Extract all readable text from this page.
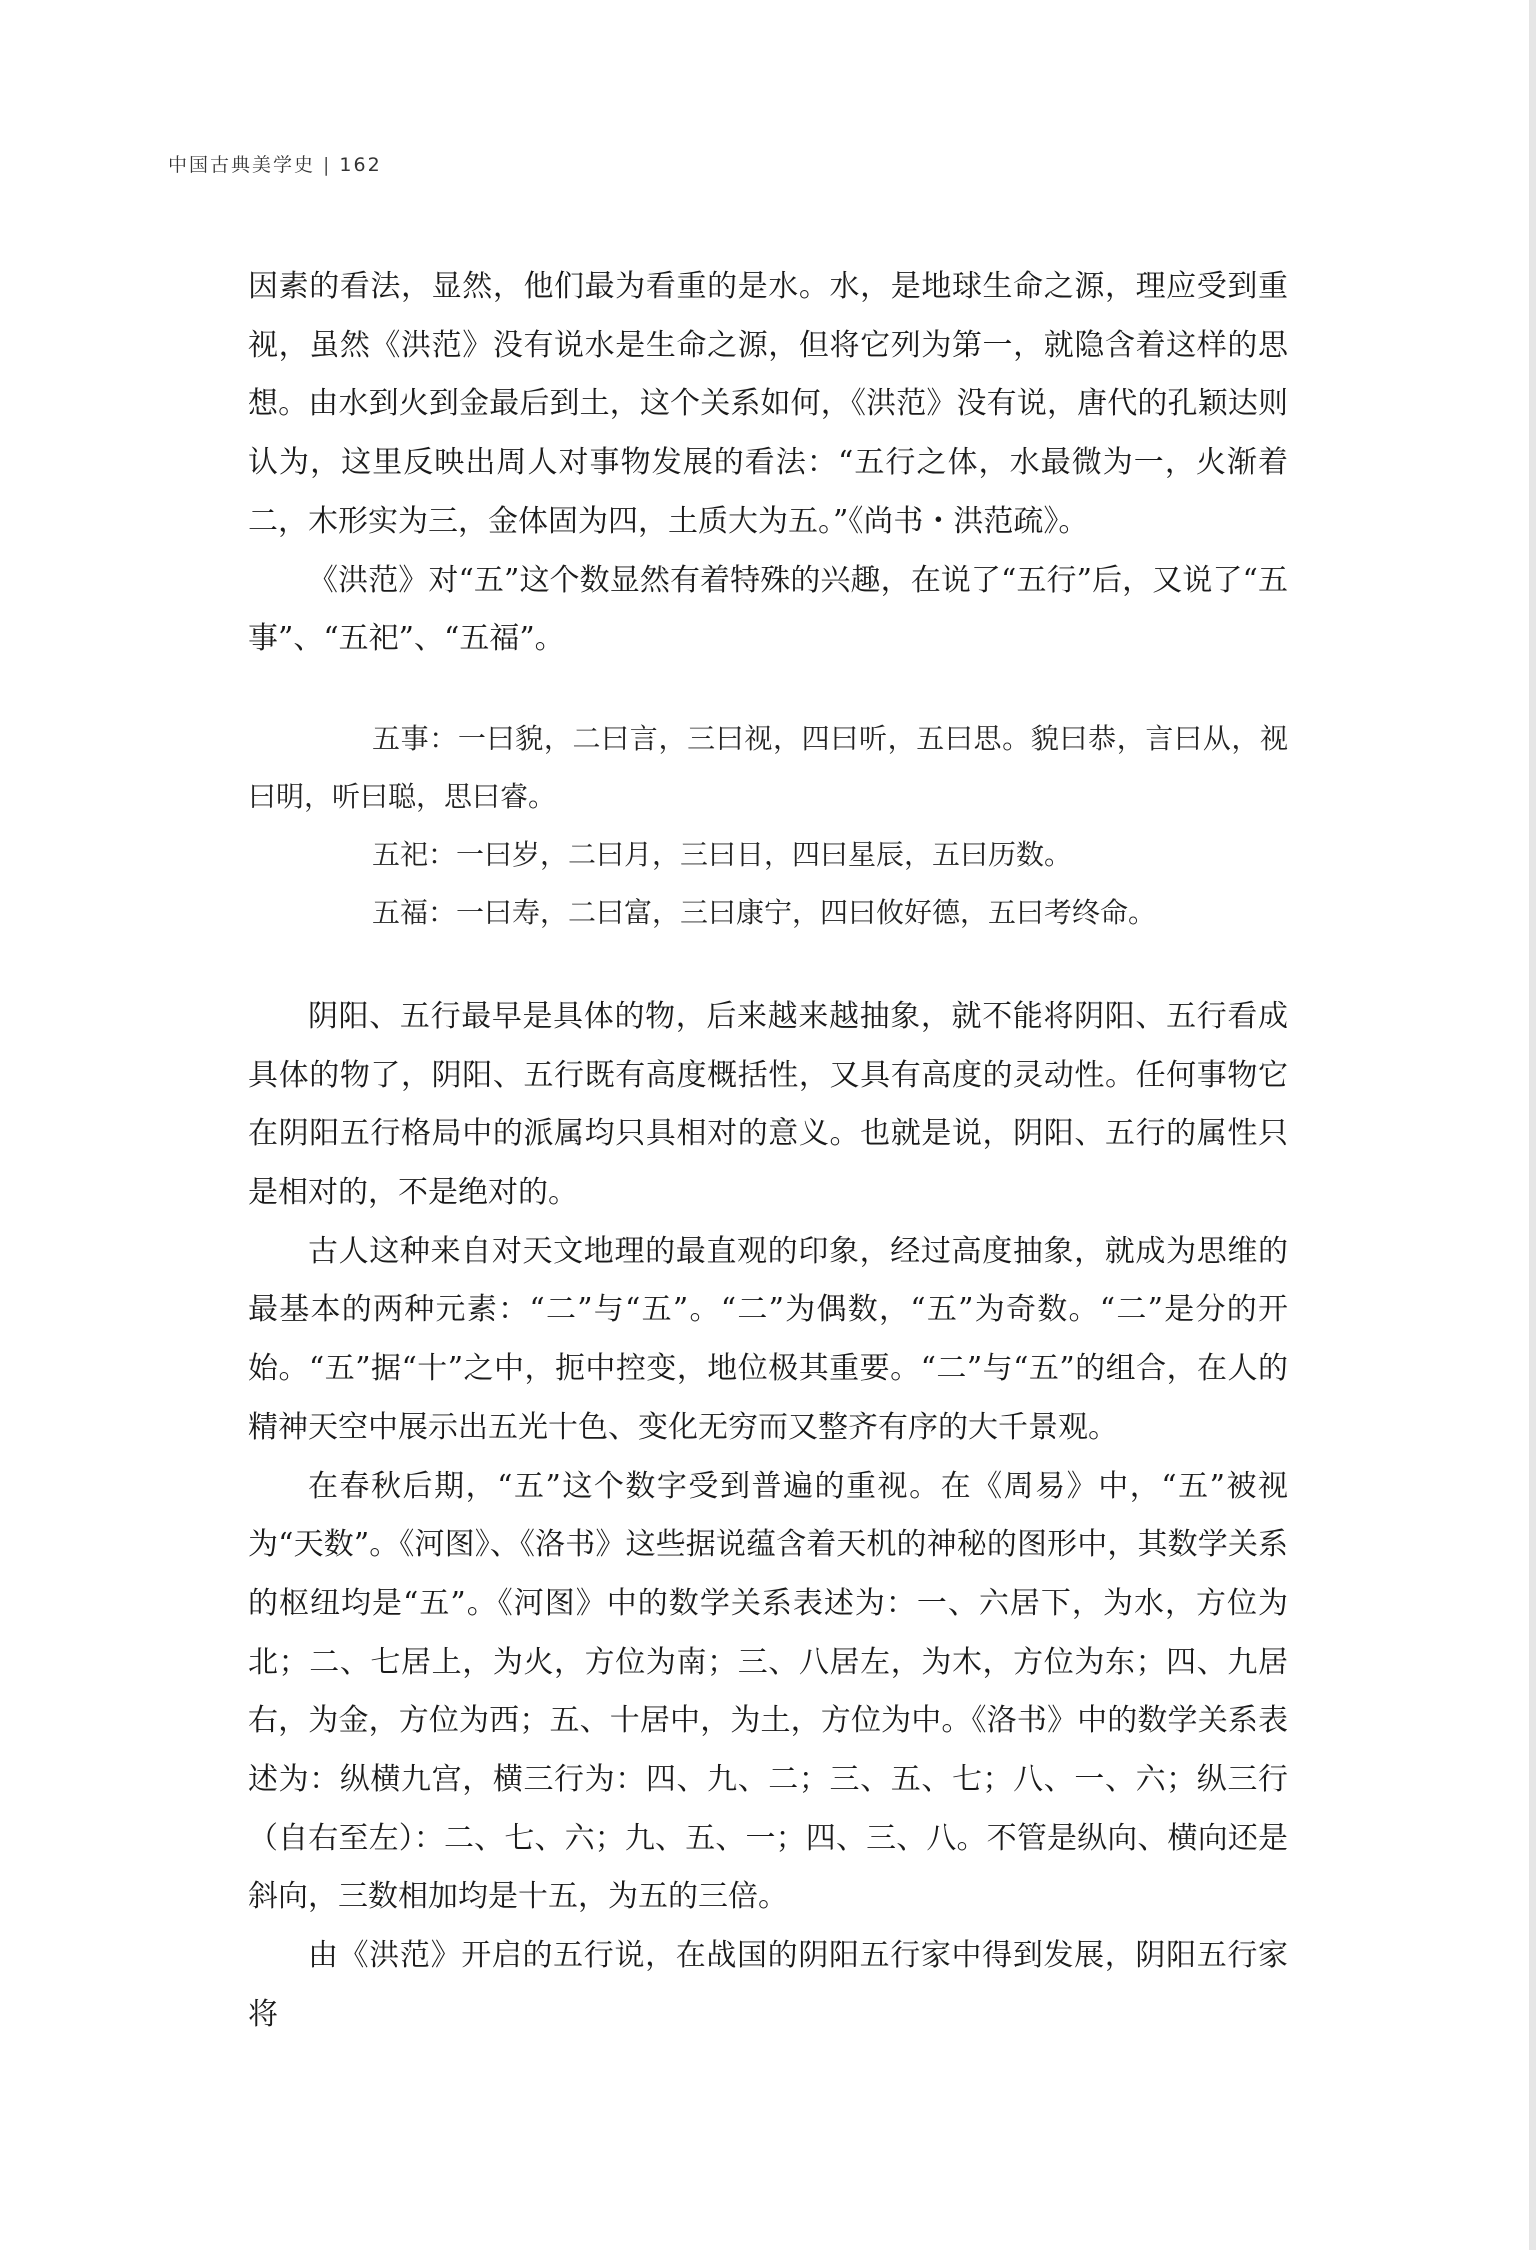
中国古典美学史 | 162

因素的看法，显然，他们最为看重的是水。水，是地球生命之源，理应受到重视，虽然《洪范》没有说水是生命之源，但将它列为第一，就隐含着这样的思想。由水到火到金最后到土，这个关系如何，《洪范》没有说，唐代的孔颖达则认为，这里反映出周人对事物发展的看法：“五行之体，水最微为一，火渐着二，木形实为三，金体固为四，土质大为五。”《尚书・洪范疏》。

《洪范》对“五”这个数显然有着特殊的兴趣，在说了“五行”后，又说了“五事”、“五祀”、“五福”。

五事：一曰貌，二曰言，三曰视，四曰听，五曰思。貌曰恭，言曰从，视曰明，听曰聪，思曰睿。

五祀：一曰岁，二曰月，三曰日，四曰星辰，五曰历数。

五福：一曰寿，二曰富，三曰康宁，四曰攸好德，五曰考终命。

阴阳、五行最早是具体的物，后来越来越抽象，就不能将阴阳、五行看成具体的物了，阴阳、五行既有高度概括性，又具有高度的灵动性。任何事物它在阴阳五行格局中的派属均只具相对的意义。也就是说，阴阳、五行的属性只是相对的，不是绝对的。

古人这种来自对天文地理的最直观的印象，经过高度抽象，就成为思维的最基本的两种元素：“二”与“五”。“二”为偶数，“五”为奇数。“二”是分的开始。“五”据“十”之中，扼中控变，地位极其重要。“二”与“五”的组合，在人的精神天空中展示出五光十色、变化无穷而又整齐有序的大千景观。

在春秋后期，“五”这个数字受到普遍的重视。在《周易》中，“五”被视为“天数”。《河图》、《洛书》这些据说蕴含着天机的神秘的图形中，其数学关系的枢纽均是“五”。《河图》中的数学关系表述为：一、六居下，为水，方位为北；二、七居上，为火，方位为南；三、八居左，为木，方位为东；四、九居右，为金，方位为西；五、十居中，为土，方位为中。《洛书》中的数学关系表述为：纵横九宫，横三行为：四、九、二；三、五、七；八、一、六；纵三行（自右至左）：二、七、六；九、五、一；四、三、八。不管是纵向、横向还是斜向，三数相加均是十五，为五的三倍。

由《洪范》开启的五行说，在战国的阴阳五行家中得到发展，阴阳五行家将
